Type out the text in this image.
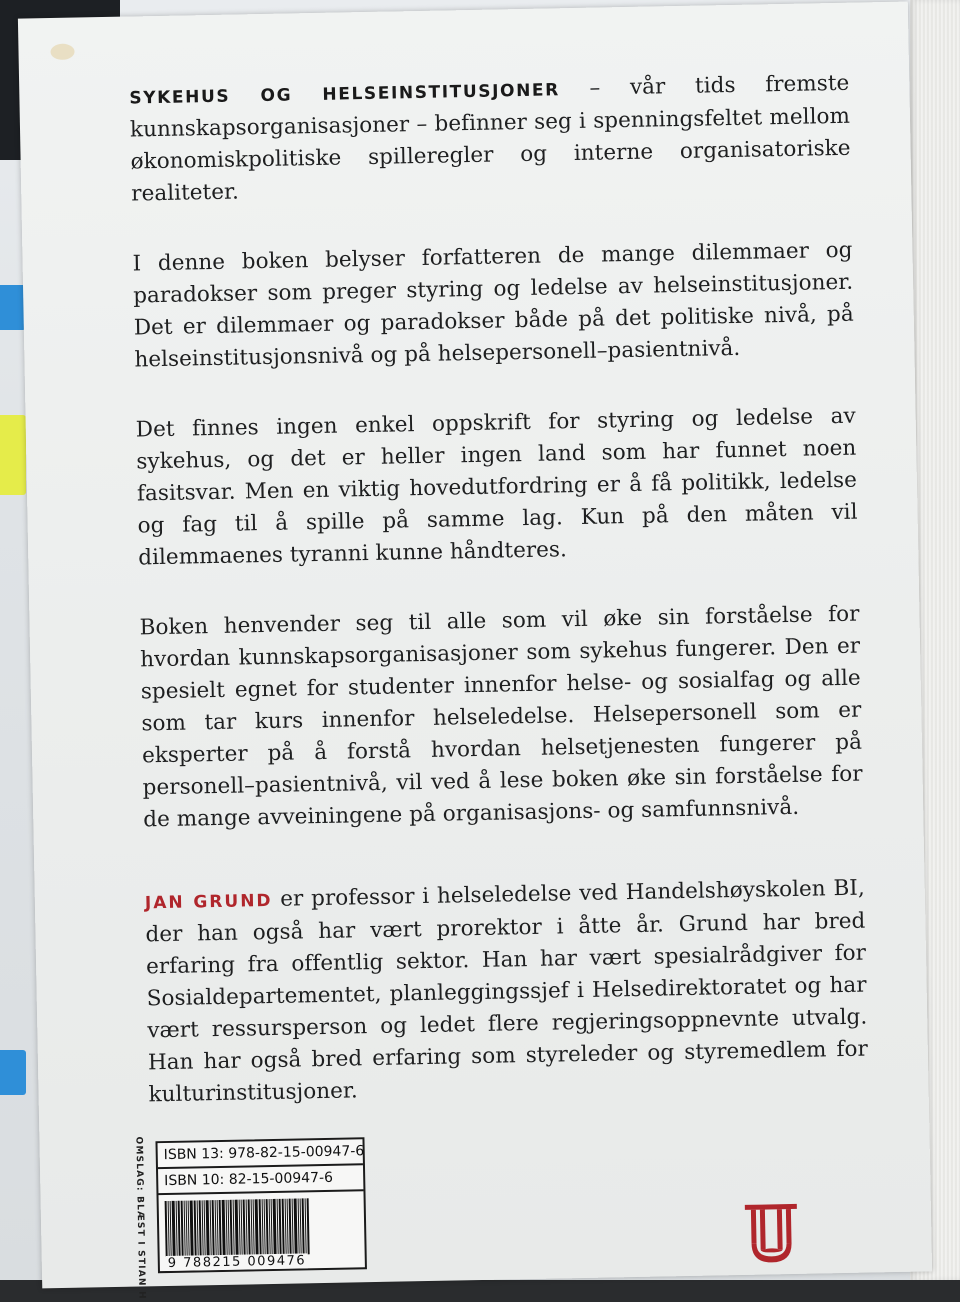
SYKEHUS OG HELSEINSTITUSJONER – vår tids fremste kunnskapsorganisasjoner – befinner seg i spenningsfeltet mellom økonomiskpolitiske spilleregler og interne organisatoriske realiteter.

I denne boken belyser forfatteren de mange dilemmaer og paradokser som preger styring og ledelse av helseinstitusjoner. Det er dilemmaer og paradokser både på det politiske nivå, på helseinstitusjonsnivå og på helsepersonell–pasientnivå.

Det finnes ingen enkel oppskrift for styring og ledelse av sykehus, og det er heller ingen land som har funnet noen fasitsvar. Men en viktig hovedutfordring er å få politikk, ledelse og fag til å spille på samme lag. Kun på den måten vil dilemmaenes tyranni kunne håndteres.

Boken henvender seg til alle som vil øke sin forståelse for hvordan kunnskapsorganisasjoner som sykehus fungerer. Den er spesielt egnet for studenter innenfor helse- og sosialfag og alle som tar kurs innenfor helseledelse. Helsepersonell som er eksperter på å forstå hvordan helsetjenesten fungerer på personell–pasientnivå, vil ved å lese boken øke sin forståelse for de mange avveiningene på organisasjons- og samfunnsnivå.

JAN GRUND er professor i helseledelse ved Handelshøyskolen BI, der han også har vært prorektor i åtte år. Grund har bred erfaring fra offentlig sektor. Han har vært spesialrådgiver for Sosialdepartementet, planleggingssjef i Helsedirektoratet og har vært ressursperson og ledet flere regjeringsoppnevnte utvalg. Han har også bred erfaring som styreleder og styremedlem for kulturinstitusjoner.

OMSLAG: BLÆST I STIAN H	ISBN 13: 978-82-15-00947-6
ISBN 10: 82-15-00947-6
9 788215 009476
